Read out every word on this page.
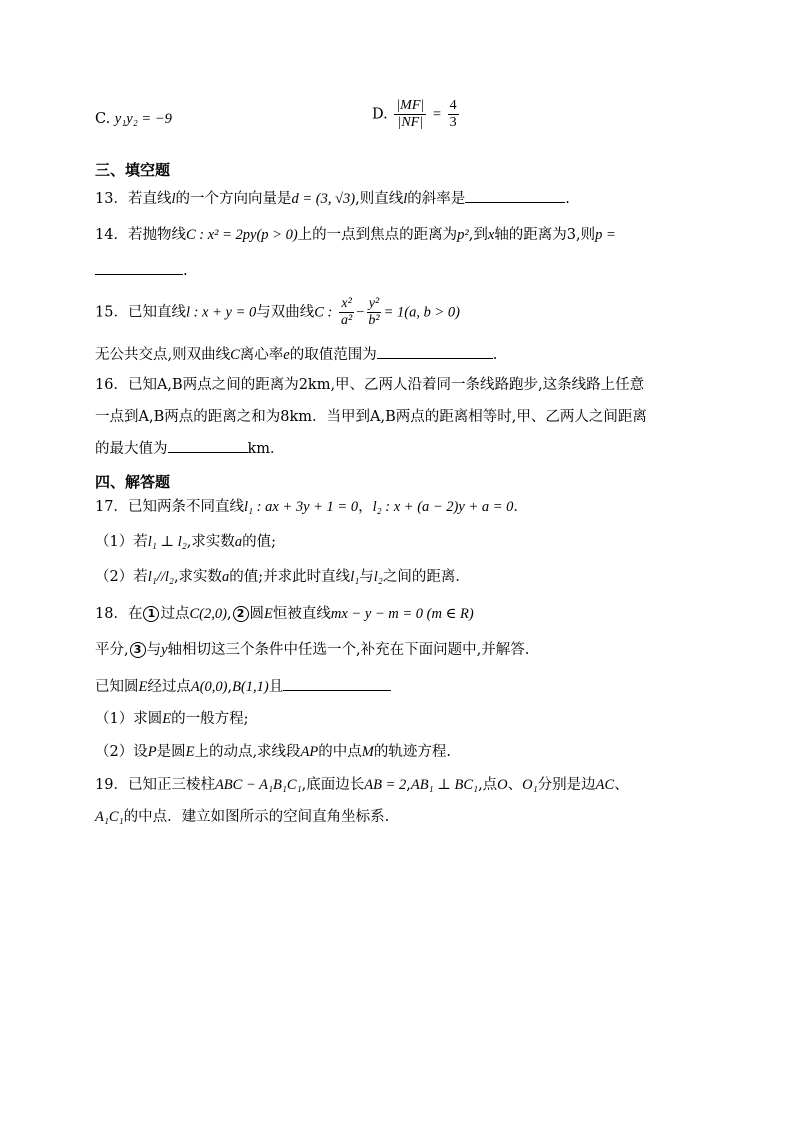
C. y₁y₂ = −9	D. $\frac{|MF|}{|NF|} = \frac{4}{3}$
三、填空题
13．若直线l的一个方向向量是d = (3, √3),则直线l的斜率是	.
14．若抛物线C : x² = 2py(p > 0)上的一点到焦点的距离为p²,到x轴的距离为3,则p =
.
15．已知直线l : x + y = 0与双曲线C : $\frac{\text{x²}}{\text{a²}} - \frac{\text{y²}}{\text{b²}} = 1(a$, b > 0)
无公共交点,则双曲线C离心率e的取值范围为	.
16．已知A,B两点之间的距离为2km,甲、乙两人沿着同一条线路跑步,这条线路上任意
一点到A,B两点的距离之和为8km．当甲到A,B两点的距离相等时,甲、乙两人之间距离
的最大值为	km．
四、解答题
17．已知两条不同直线l₁ : ax + 3y + 1 = 0，l₂ : x + (a − 2)y + a = 0．
（1）若l₁ ⊥ l₂,求实数a的值;
（2）若l₁//l₂,求实数a的值;并求此时直线l₁与l₂之间的距离．
18．在 1 过点C(2,0), 2 圆E恒被直线mx − y − m = 0 (m ∈ R)
平分, 3 与y轴相切这三个条件中任选一个,补充在下面问题中,并解答.
已知圆E经过点A(0,0),B(1,1)且
（1）求圆E的一般方程;
（2）设P是圆E上的动点,求线段AP的中点M的轨迹方程.
19．已知正三棱柱ABC − A₁B₁C₁,底面边长AB = 2,AB₁ ⊥ BC₁,点O、O₁分别是边AC、
A₁C₁的中点．建立如图所示的空间直角坐标系.
